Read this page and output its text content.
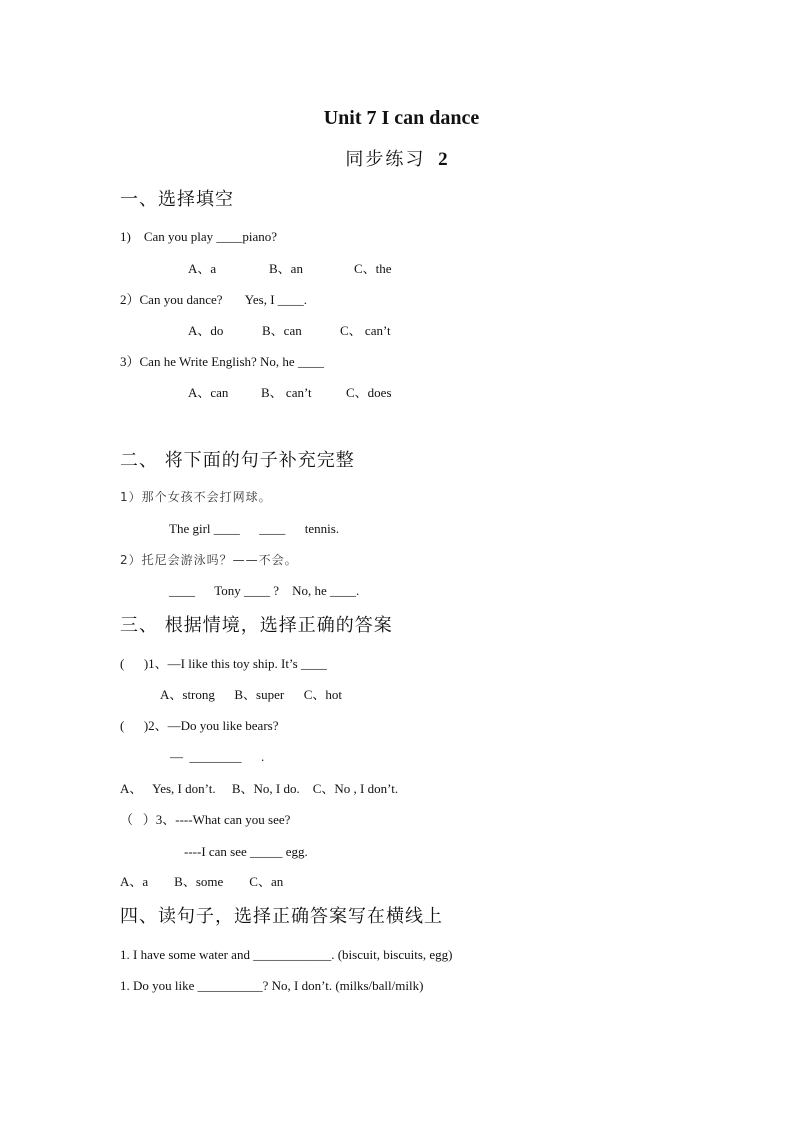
Unit 7 I can dance
同步练习 2
一、选择填空
1)    Can you play ____piano?
A、a	B、an	C、the
2）Can you dance?       Yes, I ____.
A、do	B、can	C、 can’t
3）Can he Write English? No, he ____
A、can	B、 can’t	C、does
二、 将下面的句子补充完整
1）那个女孩不会打网球。
The girl ____      ____      tennis.
2）托尼会游泳吗？——不会。
____      Tony ____ ?    No, he ____.
三、 根据情境，选择正确的答案
(      )1、—I like this toy ship. It’s ____
A、strong      B、super      C、hot
(      )2、—Do you like bears?
—  ________      .
A、   Yes, I don’t.     B、No, I do.    C、No , I don’t.
（   ）3、----What can you see?
----I can see _____ egg.
A、a        B、some        C、an
四、读句子，选择正确答案写在横线上
1. I have some water and ____________. (biscuit, biscuits, egg)
1. Do you like __________? No, I don’t. (milks/ball/milk)
